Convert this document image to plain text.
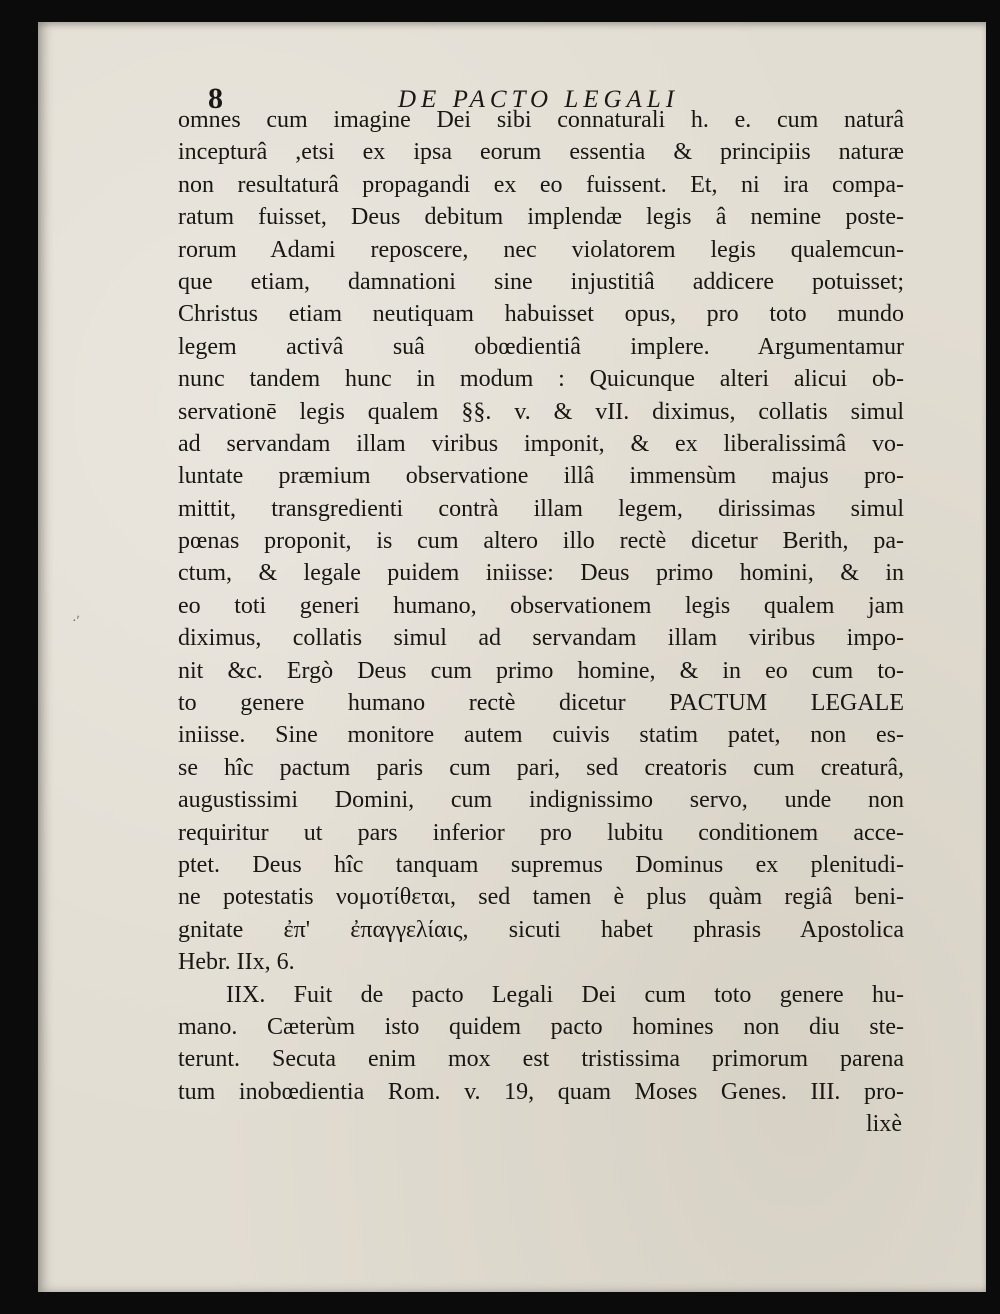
8	DE PACTO LEGALI
·ʹ
omnes cum imagine Dei sibi connaturali h. e. cum naturâ
incepturâ ,etsi ex ipsa eorum essentia & principiis naturæ
non resultaturâ propagandi ex eo fuissent. Et, ni ira compa-
ratum fuisset, Deus debitum implendæ legis â nemine poste-
rorum Adami reposcere, nec violatorem legis qualemcun-
que etiam, damnationi sine injustitiâ addicere potuisset;
Christus etiam neutiquam habuisset opus, pro toto mundo
legem activâ suâ obœdientiâ implere. Argumentamur
nunc tandem hunc in modum : Quicunque alteri alicui ob-
servationē legis qualem §§. v. & vII. diximus, collatis simul
ad servandam illam viribus imponit, & ex liberalissimâ vo-
luntate præmium observatione illâ immensùm majus pro-
mittit, transgredienti contrà illam legem, dirissimas simul
pœnas proponit, is cum altero illo rectè dicetur Berith, pa-
ctum, & legale puidem iniisse: Deus primo homini, & in
eo toti generi humano, observationem legis qualem jam
diximus, collatis simul ad servandam illam viribus impo-
nit &c. Ergò Deus cum primo homine, & in eo cum to-
to genere humano rectè dicetur PACTUM LEGALE
iniisse. Sine monitore autem cuivis statim patet, non es-
se hîc pactum paris cum pari, sed creatoris cum creaturâ,
augustissimi Domini, cum indignissimo servo, unde non
requiritur ut pars inferior pro lubitu conditionem acce-
ptet. Deus hîc tanquam supremus Dominus ex plenitudi-
ne potestatis νομοτίθεται, sed tamen è plus quàm regiâ beni-
gnitate ἐπ' ἐπαγγελίαις, sicuti habet phrasis Apostolica
Hebr. IIx, 6.
IIX. Fuit de pacto Legali Dei cum toto genere hu-
mano. Cæterùm isto quidem pacto homines non diu ste-
terunt. Secuta enim mox est tristissima primorum parena
tum inobœdientia Rom. v. 19, quam Moses Genes. III. pro-
lixè
